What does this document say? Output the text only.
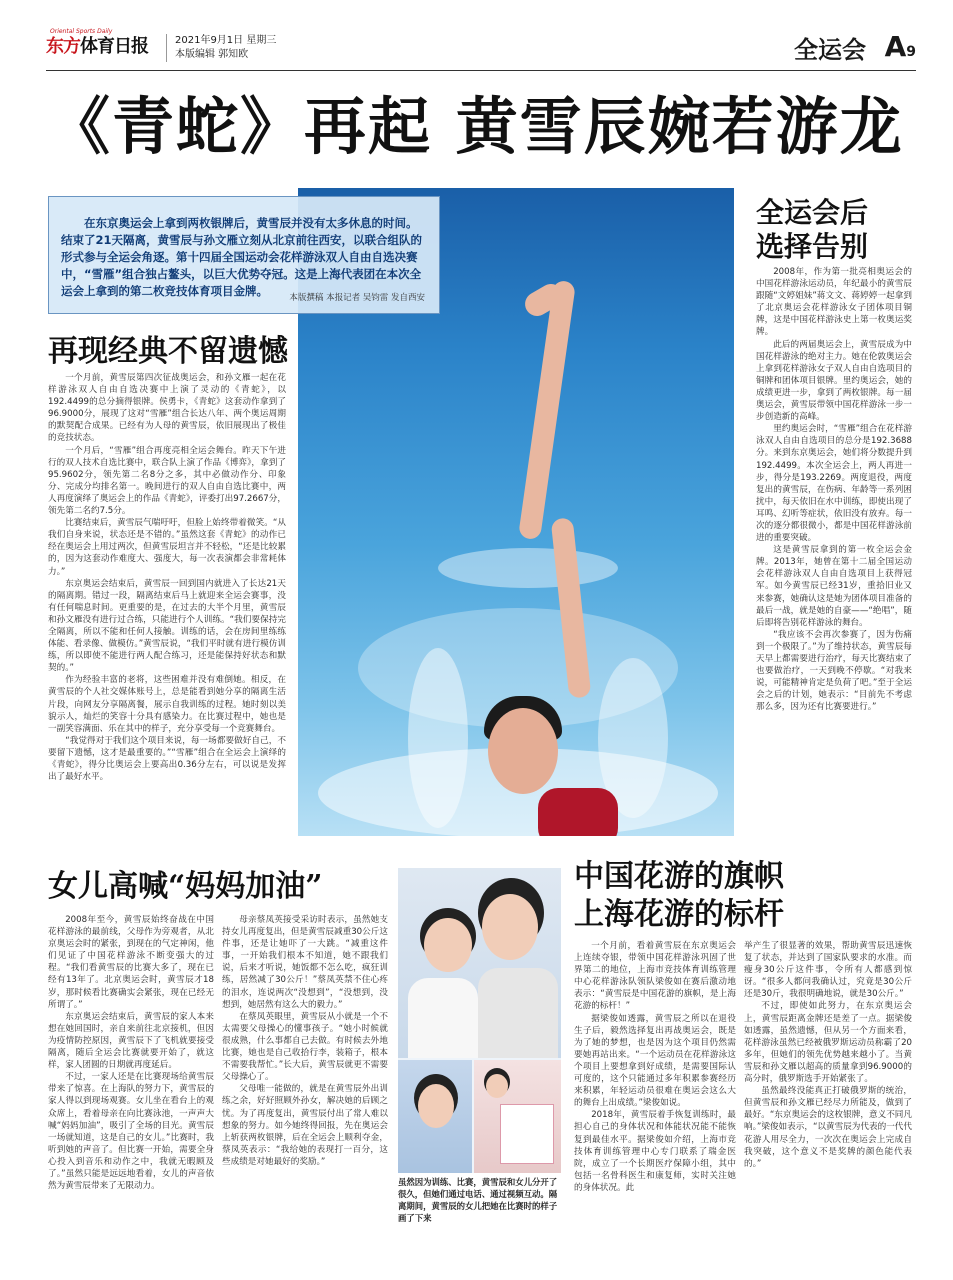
Oriental Sports Daily
东方体育日报	2021年9月1日 星期三
本版编辑 郭知欧	全运会 A9
《青蛇》再起 黄雪辰婉若游龙

在东京奥运会上拿到两枚银牌后，黄雪辰并没有太多休息的时间。结束了21天隔离，黄雪辰与孙文雁立刻从北京前往西安，以联合组队的形式参与全运会角逐。第十四届全国运动会花样游泳双人自由自选决赛中，“雪雁”组合独占鳌头，以巨大优势夺冠。这是上海代表团在本次全运会上拿到的第二枚竞技体育项目金牌。	本版撰稿 本报记者 吴钧雷 发自西安

再现经典不留遗憾

一个月前，黄雪辰第四次征战奥运会，和孙文雁一起在花样游泳双人自由自选决赛中上演了灵动的《青蛇》，以192.4499的总分摘得银牌。侯勇卡，《青蛇》这套动作拿到了96.9000分，展现了这对“雪雁”组合长达八年、两个奥运周期的默契配合成果。已经有为人母的黄雪辰，依旧展现出了极佳的竞技状态。

一个月后，“雪雁”组合再度亮相全运会舞台。昨天下午进行的双人技术自选比赛中，联合队上演了作品《博弈》，拿到了95.9602分，领先第二名8分之多，其中必做动作分、印象分、完成分均排名第一。晚间进行的双人自由自选比赛中，两人再度演绎了奥运会上的作品《青蛇》，评委打出97.2667分，领先第二名约7.5分。

比赛结束后，黄雪辰气喘吁吁，但脸上始终带着微笑。“从我们自身来说，状态还是不错的。”虽然这套《青蛇》的动作已经在奥运会上用过两次，但黄雪辰坦言并不轻松，“还是比较累的，因为这套动作难度大、强度大，每一次表演都会非常耗体力。”

东京奥运会结束后，黄雪辰一回到国内就进入了长达21天的隔离期。错过一段，隔离结束后马上就迎来全运会赛事，没有任何喘息时间。更重要的是，在过去的大半个月里，黄雪辰和孙文雁没有进行过合练，只能进行个人训练。“我们要保持完全隔离，所以不能和任何人接触。训练的话，会在房间里练练体能、看录像、做模仿。”黄雪辰说，“我们平时就有进行模仿训练，所以即使不能进行两人配合练习，还是能保持好状态和默契的。”

作为经验丰富的老将，这些困难并没有难倒她。相反，在黄雪辰的个人社交媒体账号上，总是能看到她分享的隔离生活片段，向网友分享隔离餐，展示自我训练的过程。她时刻以美貌示人，灿烂的笑容十分具有感染力。在比赛过程中，她也是一副笑容满面、乐在其中的样子，充分享受每一个竞赛舞台。

“我觉得对于我们这个项目来说，每一场都要做好自己，不要留下遗憾，这才是最重要的。”“雪雁”组合在全运会上演绎的《青蛇》，得分比奥运会上要高出0.36分左右，可以说是发挥出了最好水平。

全运会后
选择告别

2008年，作为第一批亮相奥运会的中国花样游泳运动员，年纪最小的黄雪辰跟随“文婷姐妹”蒋文文、蒋婷婷一起拿到了北京奥运会花样游泳女子团体项目铜牌，这是中国花样游泳史上第一枚奥运奖牌。

此后的两届奥运会上，黄雪辰成为中国花样游泳的绝对主力。她在伦敦奥运会上拿到花样游泳女子双人自由自选项目的铜牌和团体项目银牌。里约奥运会，她的成绩更进一步，拿到了两枚银牌。每一届奥运会，黄雪辰带领中国花样游泳一步一步创造新的高峰。

里约奥运会时，“雪雁”组合在花样游泳双人自由自选项目的总分是192.3688分。来到东京奥运会，她们将分数提升到192.4499。本次全运会上，两人再进一步，得分是193.2269。两度退役，两度复出的黄雪辰，在伤病、年龄等一系列困扰中，每天依旧在水中训练，即使出现了耳鸣、幻听等症状，依旧没有放弃。每一次的逐分都很微小，都是中国花样游泳前进的重要突破。

这是黄雪辰拿到的第一枚全运会金牌。2013年，她曾在第十二届全国运动会花样游泳双人自由自选项目上获得冠军。如今黄雪辰已经31岁，重拾旧业又来参赛，她确认这是她为团体项目准备的最后一战，就是她的自豪——“绝唱”，随后即将告别花样游泳的舞台。

“我应该不会再次参赛了，因为伤痛到一个极限了。”为了维持状态，黄雪辰每天早上都需要进行治疗，每天比赛结束了也要做治疗，一天到晚不停歇。“对我来说，可能精神肯定是负荷了吧。”至于全运会之后的计划，她表示：“目前先不考虑那么多，因为还有比赛要进行。”

女儿高喊“妈妈加油”

2008年至今，黄雪辰始终奋战在中国花样游泳的最前线，父母作为旁观者，从北京奥运会时的紧张，到现在的气定神闲，他们见证了中国花样游泳不断变强大的过程。“我们看黄雪辰的比赛大多了，现在已经有13年了。北京奥运会时，黄雪辰才18岁，那时候看比赛确实会紧张，现在已经无所谓了。”

东京奥运会结束后，黄雪辰的家人本来想在她回国时，亲自来前往北京接机，但因为疫情防控原因，黄雪辰下了飞机就要接受隔离，随后全运会比赛就要开始了，就这样，家人团圆的日期就再度延后。

不过，一家人还是在比赛现场给黄雪辰带来了惊喜。在上海队的努力下，黄雪辰的家人得以到现场观赛。女儿坐在看台上的观众席上，看着母亲在向比赛泳池，一声声大喊“妈妈加油”，吸引了全场的目光。黄雪辰一场就知道，这是自己的女儿。”比赛时，我听到她的声音了。但比赛一开始，需要全身心投入到音乐和动作之中，我就无暇顾及了。”虽然只能是远远地看着，女儿的声音依然为黄雪辰带来了无限动力。

母亲蔡凤英接受采访时表示，虽然她支持女儿再度复出，但是黄雪辰减重30公斤这件事，还是让她吓了一大跳。“减重这件事，一开始我们根本不知道，她不跟我们说，后来才听说，她饭都不怎么吃，疯狂训练，居然减了30公斤！”蔡凤英禁不住心疼的泪水，连说两次“没想到”，“没想到，没想到，她居然有这么大的毅力。”

在蔡凤英眼里，黄雪辰从小就是一个不太需要父母操心的懂事孩子。“她小时候就很成熟，什么事都自己去做。有时候去外地比赛，她也是自己收拾行李，装箱子，根本不需要我帮忙。”长大后，黄雪辰就更不需要父母操心了。

父母唯一能做的，就是在黄雪辰外出训练之余，好好照顾外孙女，解决她的后顾之忧。为了再度复出，黄雪辰付出了常人难以想象的努力。如今她终得回报，先在奥运会上斩获两枚银牌，后在全运会上顺利夺金，蔡凤英表示：“我给她的表现打一百分，这些成绩是对她最好的奖励。”

虽然因为训练、比赛，黄雪辰和女儿分开了很久，但她们通过电话、通过视频互动。隔离期间，黄雪辰的女儿把她在比赛时的样子画了下来
中国花游的旗帜
上海花游的标杆

一个月前，看着黄雪辰在东京奥运会上连续夺银，带领中国花样游泳巩固了世界第二的地位，上海市竞技体育训练管理中心花样游泳队领队梁俊如在赛后激动地表示：“黄雪辰是中国花游的旗帜，是上海花游的标杆！”

据梁俊如透露，黄雪辰之所以在退役生子后，毅然选择复出再战奥运会，既是为了她的梦想，也是因为这个项目仍然需要她再站出来。“一个运动员在花样游泳这个项目上要想拿到好成绩，是需要国际认可度的，这个只能通过多年积累参赛经历来积累，年轻运动员很难在奥运会这么大的舞台上出成绩。”梁俊如说。

2018年，黄雪辰着手恢复训练时，最担心自己的身体状况和体能状况能不能恢复到最佳水平。据梁俊如介绍，上海市竞技体育训练管理中心专门联系了瑞金医院，成立了一个长期医疗保障小组，其中包括一名骨科医生和康复师，实时关注她的身体状况。此

举产生了很显著的效果，帮助黄雪辰迅速恢复了状态，并达到了国家队要求的水准。而瘦身30公斤这件事，令所有人都感到惊讶。“很多人都问我确认过，究竟是30公斤还是30斤，我很明确地说，就是30公斤。”

不过，即使如此努力，在东京奥运会上，黄雪辰距离金牌还是差了一点。据梁俊如透露，虽然遗憾，但从另一个方面来看，花样游泳虽然已经被俄罗斯运动员称霸了20多年，但她们的领先优势越来越小了。当黄雪辰和孙文雁以超高的质量拿到96.9000的高分时，俄罗斯选手开始紧张了。

虽然最终没能真正打破俄罗斯的统治，但黄雪辰和孙文雁已经尽力所能及，做到了最好。“东京奥运会的这枚银牌，意义不同凡响。”梁俊如表示，“以黄雪辰为代表的一代代花游人用尽全力，一次次在奥运会上完成自我突破，这个意义不是奖牌的颜色能代表的。”
